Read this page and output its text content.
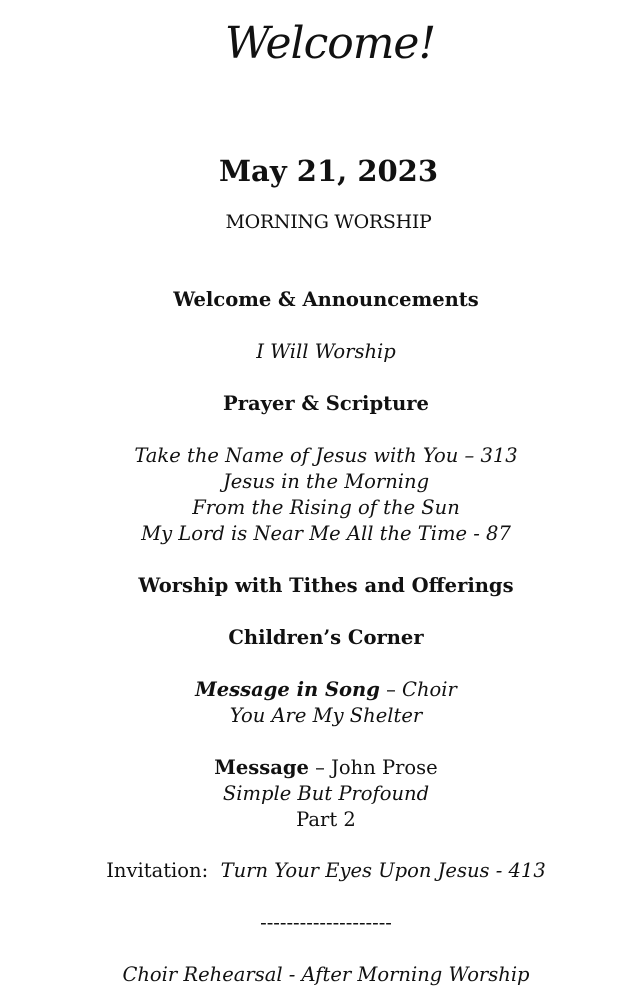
Welcome!
May 21, 2023
MORNING WORSHIP
Welcome & Announcements
I Will Worship
Prayer & Scripture
Take the Name of Jesus with You – 313
Jesus in the Morning
From the Rising of the Sun
My Lord is Near Me All the Time - 87
Worship with Tithes and Offerings
Children’s Corner
Message in Song – Choir
You Are My Shelter
Message – John Prose
Simple But Profound
Part 2
Invitation:  Turn Your Eyes Upon Jesus - 413
--------------------
Choir Rehearsal - After Morning Worship
